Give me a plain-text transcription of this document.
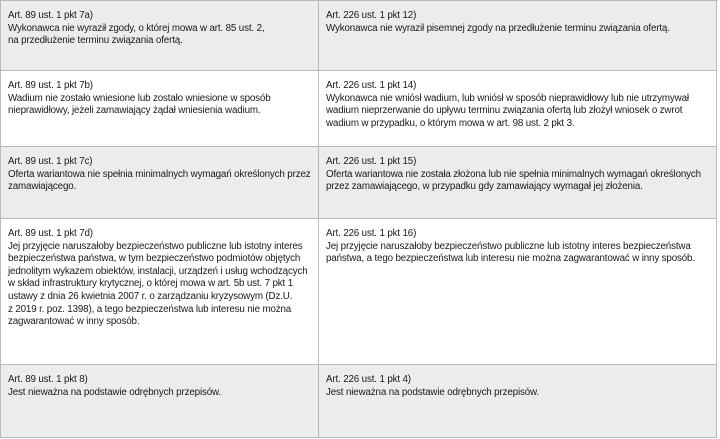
Art. 89 ust. 1 pkt 7a)
Wykonawca nie wyraził zgody, o której mowa w art. 85 ust. 2,
na przedłużenie terminu związania ofertą.
Art. 226 ust. 1 pkt 12)
Wykonawca nie wyraził pisemnej zgody na przedłużenie terminu związania ofertą.
Art. 89 ust. 1 pkt 7b)
Wadium nie zostało wniesione lub zostało wniesione w sposób
nieprawidłowy, jeżeli zamawiający żądał wniesienia wadium.
Art. 226 ust. 1 pkt 14)
Wykonawca nie wniósł wadium, lub wniósł w sposób nieprawidłowy lub nie utrzymywał
wadium nieprzerwanie do upływu terminu związania ofertą lub złożył wniosek o zwrot
wadium w przypadku, o którym mowa w art. 98 ust. 2 pkt 3.
Art. 89 ust. 1 pkt 7c)
Oferta wariantowa nie spełnia minimalnych wymagań określonych przez
zamawiającego.
Art. 226 ust. 1 pkt 15)
Oferta wariantowa nie została złożona lub nie spełnia minimalnych wymagań określonych
przez zamawiającego, w przypadku gdy zamawiający wymagał jej złożenia.
Art. 89 ust. 1 pkt 7d)
Jej przyjęcie naruszałoby bezpieczeństwo publiczne lub istotny interes
bezpieczeństwa państwa, w tym bezpieczeństwo podmiotów objętych
jednolitym wykazem obiektów, instalacji, urządzeń i usług wchodzących
w skład infrastruktury krytycznej, o której mowa w art. 5b ust. 7 pkt 1
ustawy z dnia 26 kwietnia 2007 r. o zarządzaniu kryzysowym (Dz.U.
z 2019 r. poz. 1398), a tego bezpieczeństwa lub interesu nie można
zagwarantować w inny sposób.
Art. 226 ust. 1 pkt 16)
Jej przyjęcie naruszałoby bezpieczeństwo publiczne lub istotny interes bezpieczeństwa
państwa, a tego bezpieczeństwa lub interesu nie można zagwarantować w inny sposób.
Art. 89 ust. 1 pkt 8)
Jest nieważna na podstawie odrębnych przepisów.
Art. 226 ust. 1 pkt 4)
Jest nieważna na podstawie odrębnych przepisów.
